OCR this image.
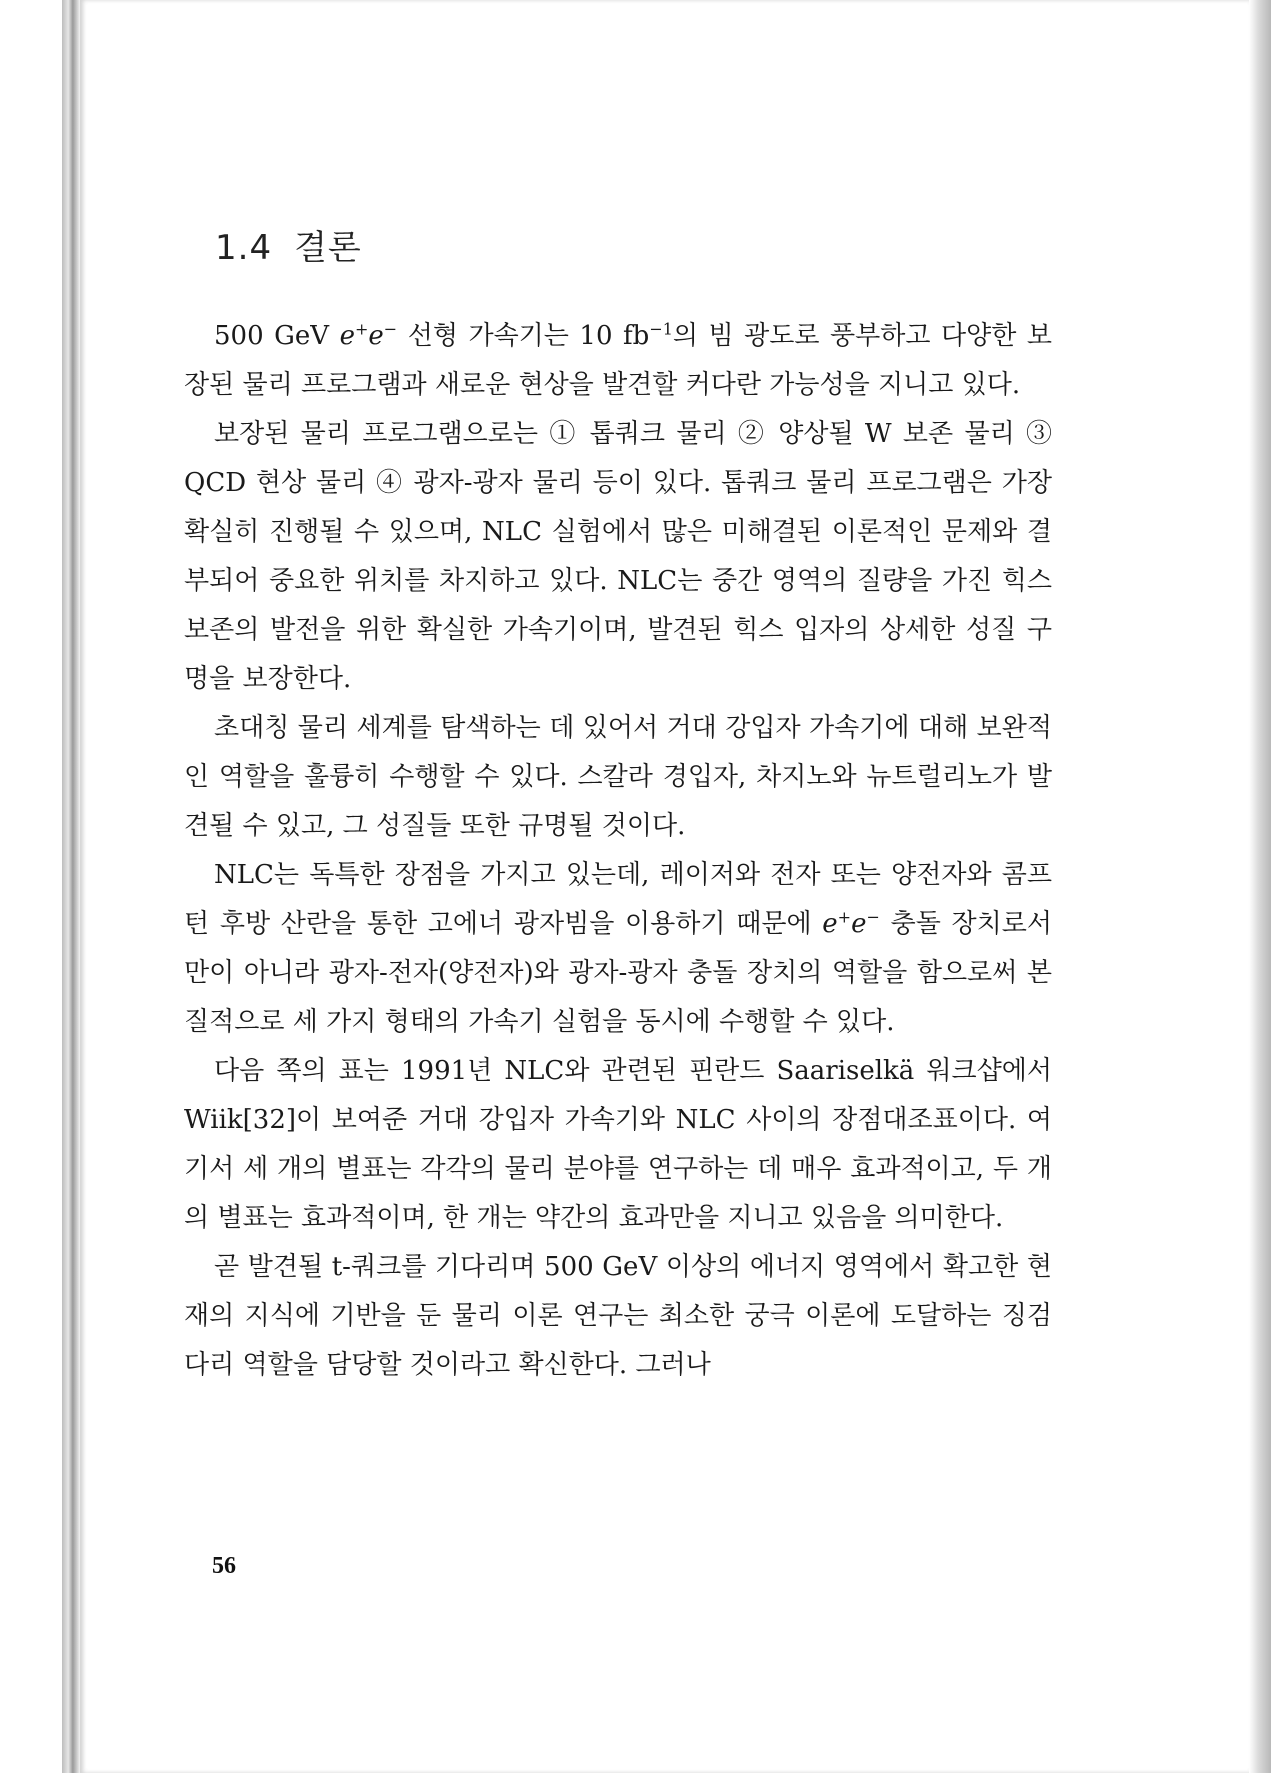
1.4 결론

500 GeV e+e− 선형 가속기는 10 $fb^{-1}$의 빔 광도로 풍부하고 다양한 보장된 물리 프로그램과 새로운 현상을 발견할 커다란 가능성을 지니고 있다.

보장된 물리 프로그램으로는 ① 톱쿼크 물리 ② 양상될 W 보존 물리 ③ QCD 현상 물리 ④ 광자-광자 물리 등이 있다. 톱쿼크 물리 프로그램은 가장 확실히 진행될 수 있으며, NLC 실험에서 많은 미해결된 이론적인 문제와 결부되어 중요한 위치를 차지하고 있다. NLC는 중간 영역의 질량을 가진 힉스 보존의 발전을 위한 확실한 가속기이며, 발견된 힉스 입자의 상세한 성질 구명을 보장한다.

초대칭 물리 세계를 탐색하는 데 있어서 거대 강입자 가속기에 대해 보완적인 역할을 훌륭히 수행할 수 있다. 스칼라 경입자, 차지노와 뉴트럴리노가 발견될 수 있고, 그 성질들 또한 규명될 것이다.

NLC는 독특한 장점을 가지고 있는데, 레이저와 전자 또는 양전자와 콤프턴 후방 산란을 통한 고에너 광자빔을 이용하기 때문에 e+e− 충돌 장치로서만이 아니라 광자-전자(양전자)와 광자-광자 충돌 장치의 역할을 함으로써 본질적으로 세 가지 형태의 가속기 실험을 동시에 수행할 수 있다.

다음 쪽의 표는 1991년 NLC와 관련된 핀란드 Saariselkä 워크샵에서 Wiik[32]이 보여준 거대 강입자 가속기와 NLC 사이의 장점대조표이다. 여기서 세 개의 별표는 각각의 물리 분야를 연구하는 데 매우 효과적이고, 두 개의 별표는 효과적이며, 한 개는 약간의 효과만을 지니고 있음을 의미한다.

곧 발견될 t-쿼크를 기다리며 500 GeV 이상의 에너지 영역에서 확고한 현재의 지식에 기반을 둔 물리 이론 연구는 최소한 궁극 이론에 도달하는 징검다리 역할을 담당할 것이라고 확신한다. 그러나

56
